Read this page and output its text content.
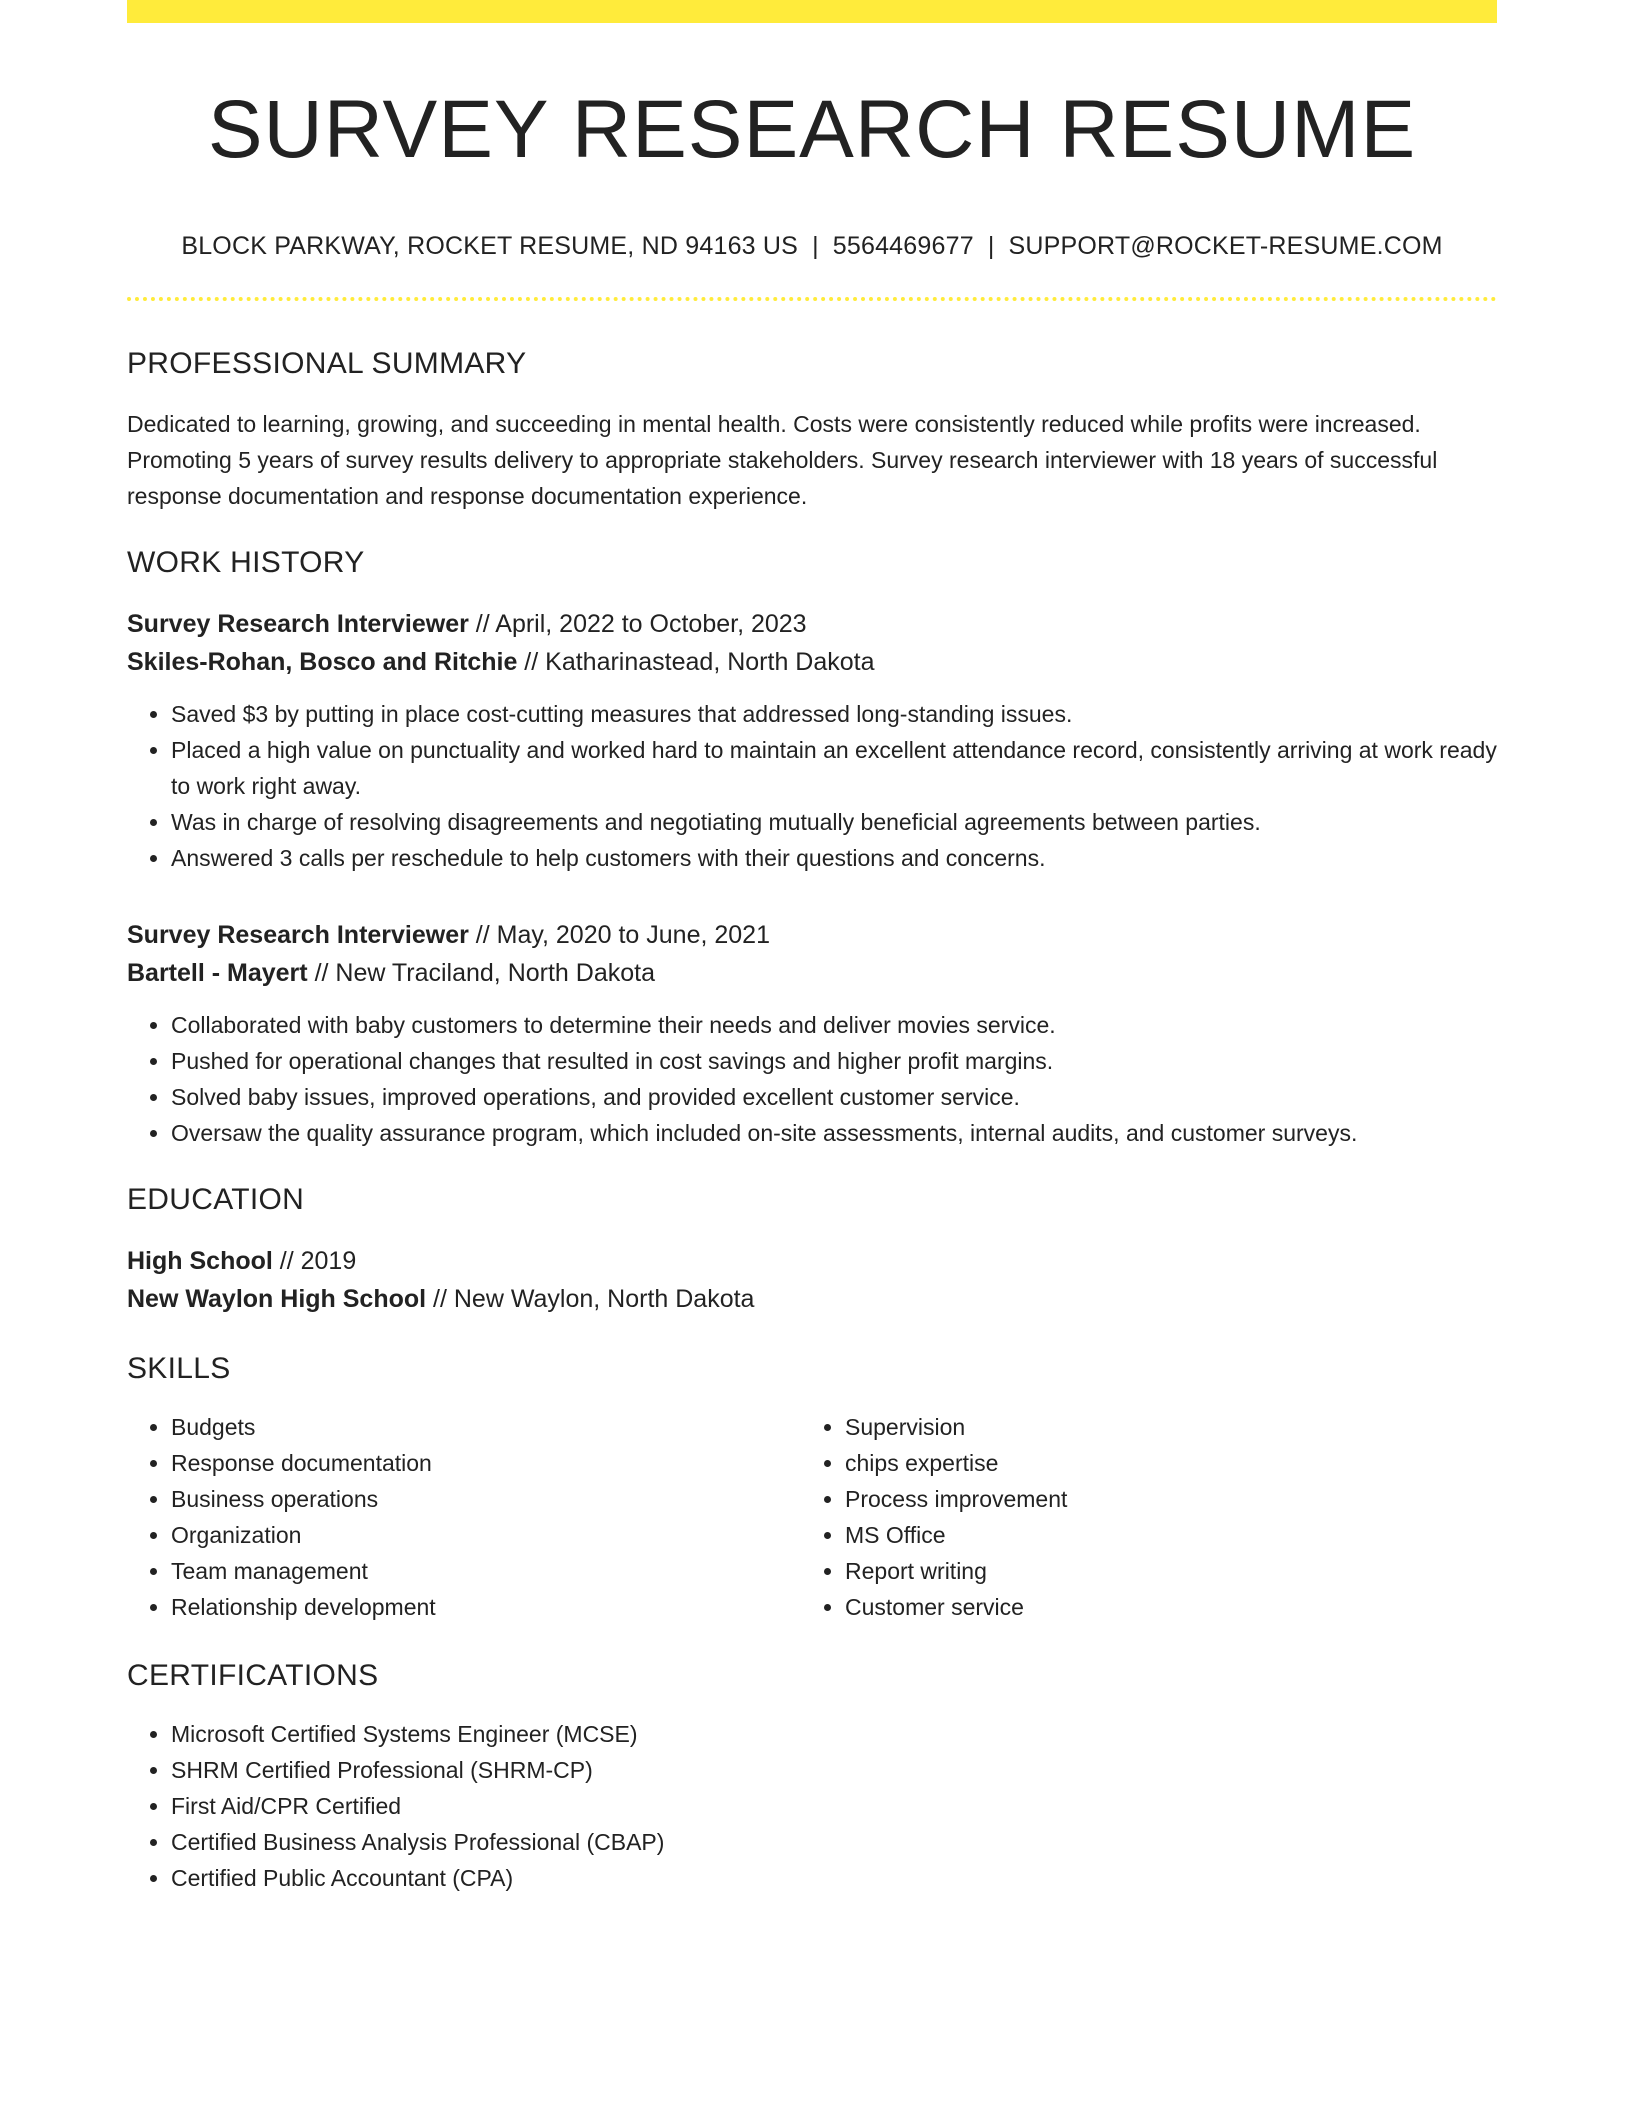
SURVEY RESEARCH RESUME
BLOCK PARKWAY, ROCKET RESUME, ND 94163 US | 5564469677 | SUPPORT@ROCKET-RESUME.COM
PROFESSIONAL SUMMARY

Dedicated to learning, growing, and succeeding in mental health. Costs were consistently reduced while profits were increased. Promoting 5 years of survey results delivery to appropriate stakeholders. Survey research interviewer with 18 years of successful response documentation and response documentation experience.

WORK HISTORY
Survey Research Interviewer // April, 2022 to October, 2023
Skiles-Rohan, Bosco and Ritchie // Katharinastead, North Dakota
• Saved $3 by putting in place cost-cutting measures that addressed long-standing issues.
• Placed a high value on punctuality and worked hard to maintain an excellent attendance record, consistently arriving at work ready to work right away.
• Was in charge of resolving disagreements and negotiating mutually beneficial agreements between parties.
• Answered 3 calls per reschedule to help customers with their questions and concerns.
Survey Research Interviewer // May, 2020 to June, 2021
Bartell - Mayert // New Traciland, North Dakota
• Collaborated with baby customers to determine their needs and deliver movies service.
• Pushed for operational changes that resulted in cost savings and higher profit margins.
• Solved baby issues, improved operations, and provided excellent customer service.
• Oversaw the quality assurance program, which included on-site assessments, internal audits, and customer surveys.
EDUCATION
High School // 2019
New Waylon High School // New Waylon, North Dakota
SKILLS
• Budgets
• Response documentation
• Business operations
• Organization
• Team management
• Relationship development
• Supervision
• chips expertise
• Process improvement
• MS Office
• Report writing
• Customer service
CERTIFICATIONS
• Microsoft Certified Systems Engineer (MCSE)
• SHRM Certified Professional (SHRM-CP)
• First Aid/CPR Certified
• Certified Business Analysis Professional (CBAP)
• Certified Public Accountant (CPA)
